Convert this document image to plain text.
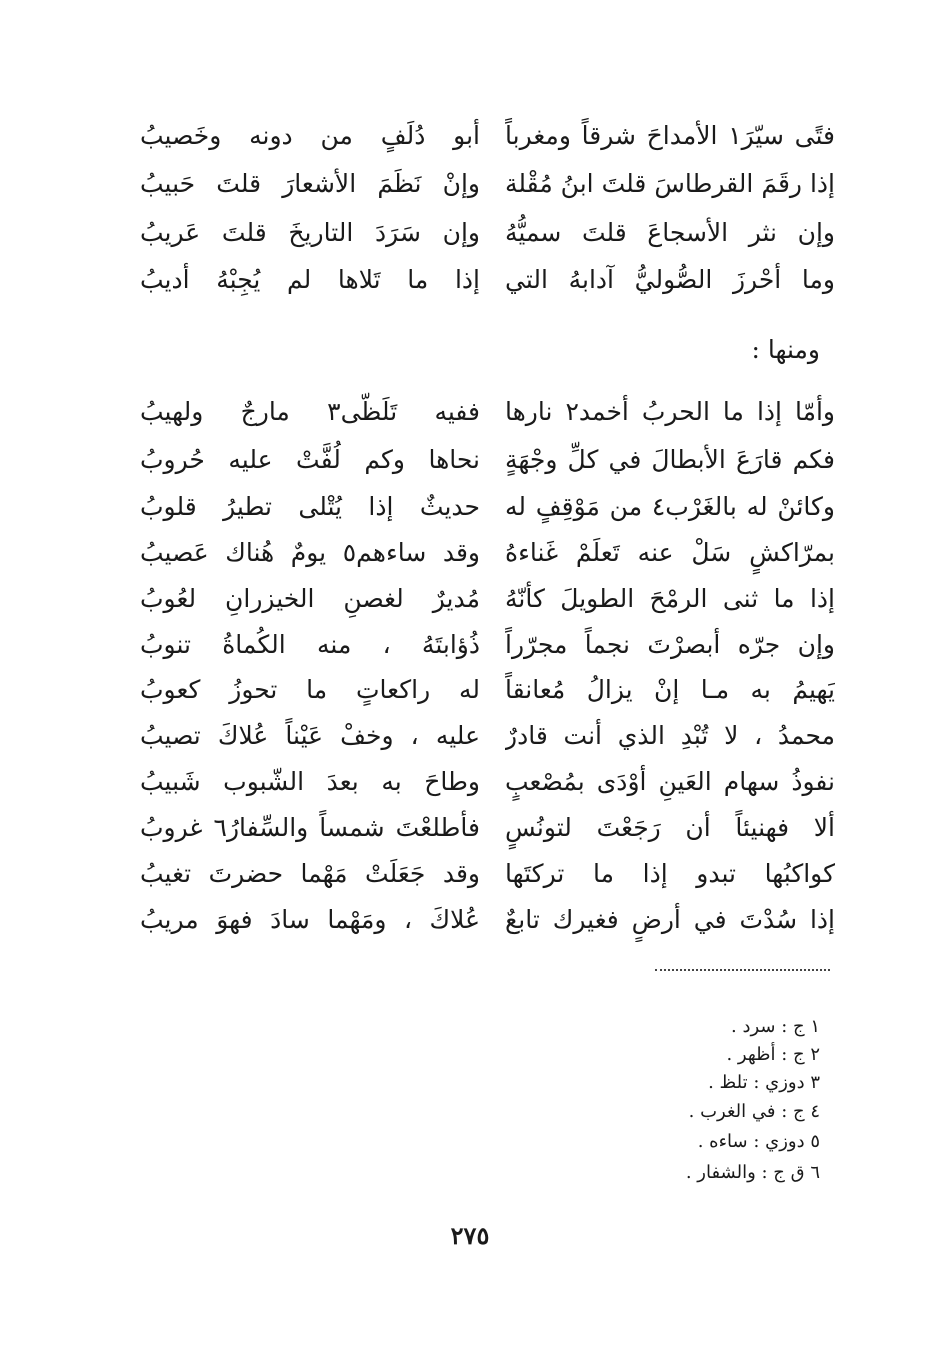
فتًى سيّرَ١ الأمداحَ شرقاً ومغرباً
أبو دُلَفٍ من دونه وخَصيبُ
إذا رقَمَ القرطاسَ قلتَ ابنُ مُقْلة
وإنْ نَظَمَ الأشعارَ قلتَ حَبيبُ
وإن نثر الأسجاعَ قلتَ سميُّهُ
وإن سَرَدَ التاريخَ قلتَ عَريبُ
وما أحْرزَ الصُّوليُّ آدابهُ التي
إذا ما تَلاها لم يُجِبْهُ أديبُ
ومنها :
وأمّا إذا ما الحربُ أخمد٢ نارها
ففيه تَلَظّى٣ مارجٌ ولهيبُ
فكم قارَعَ الأبطالَ في كلِّ وجْهَةٍ
نحاها وكم لُفَّتْ عليه حُروبُ
وكائنْ له بالغَرْب٤ من مَوْقِفٍ له
حديثٌ إذا يُتْلى تطيرُ قلوبُ
بمرّاكشٍ سَلْ عنه تَعلَمْ غَناءهُ
وقد ساءهم٥ يومٌ هُناك عَصيبُ
إذا ما ثنى الرمْحَ الطويلَ كأنّهُ
مُديرٌ لغصنِ الخيزرانِ لعُوبُ
وإن جرّه أبصرْتَ نجماً مجرّراً
ذُؤابتَهُ ، منه الكُماةُ تنوبُ
يَهيمُ به مـا إنْ يزالُ مُعانقاً
له راكعاتٍ ما تحوزُ كعوبُ
محمدُ ، لا تُبْدِ الذي أنت قادرٌ
عليه ، وخفْ عَيْناً عُلاكَ تصيبُ
نفوذُ سهام العَينِ أوْدَى بمُصْعبٍ
وطاحَ به بعدَ الشّبوب شَبيبُ
ألا فهنيئاً أن رَجَعْتَ لتونُسٍ
فأطلعْتَ شمساً والسِّفارُ٦ غروبُ
كواكبُها تبدو إذا ما تركتَها
وقد جَعَلَتْ مَهْما حضرتَ تغيبُ
إذا سُدْتَ في أرضٍ فغيرك تابعٌ
عُلاكَ ، ومَهْما سادَ فهوَ مريبُ
١ ج : سرد .
٢ ج : أظهر .
٣ دوزي : تلظ .
٤ ج : في الغرب .
٥ دوزي : ساءه .
٦ ق ج : والشفار .
٢٧٥
